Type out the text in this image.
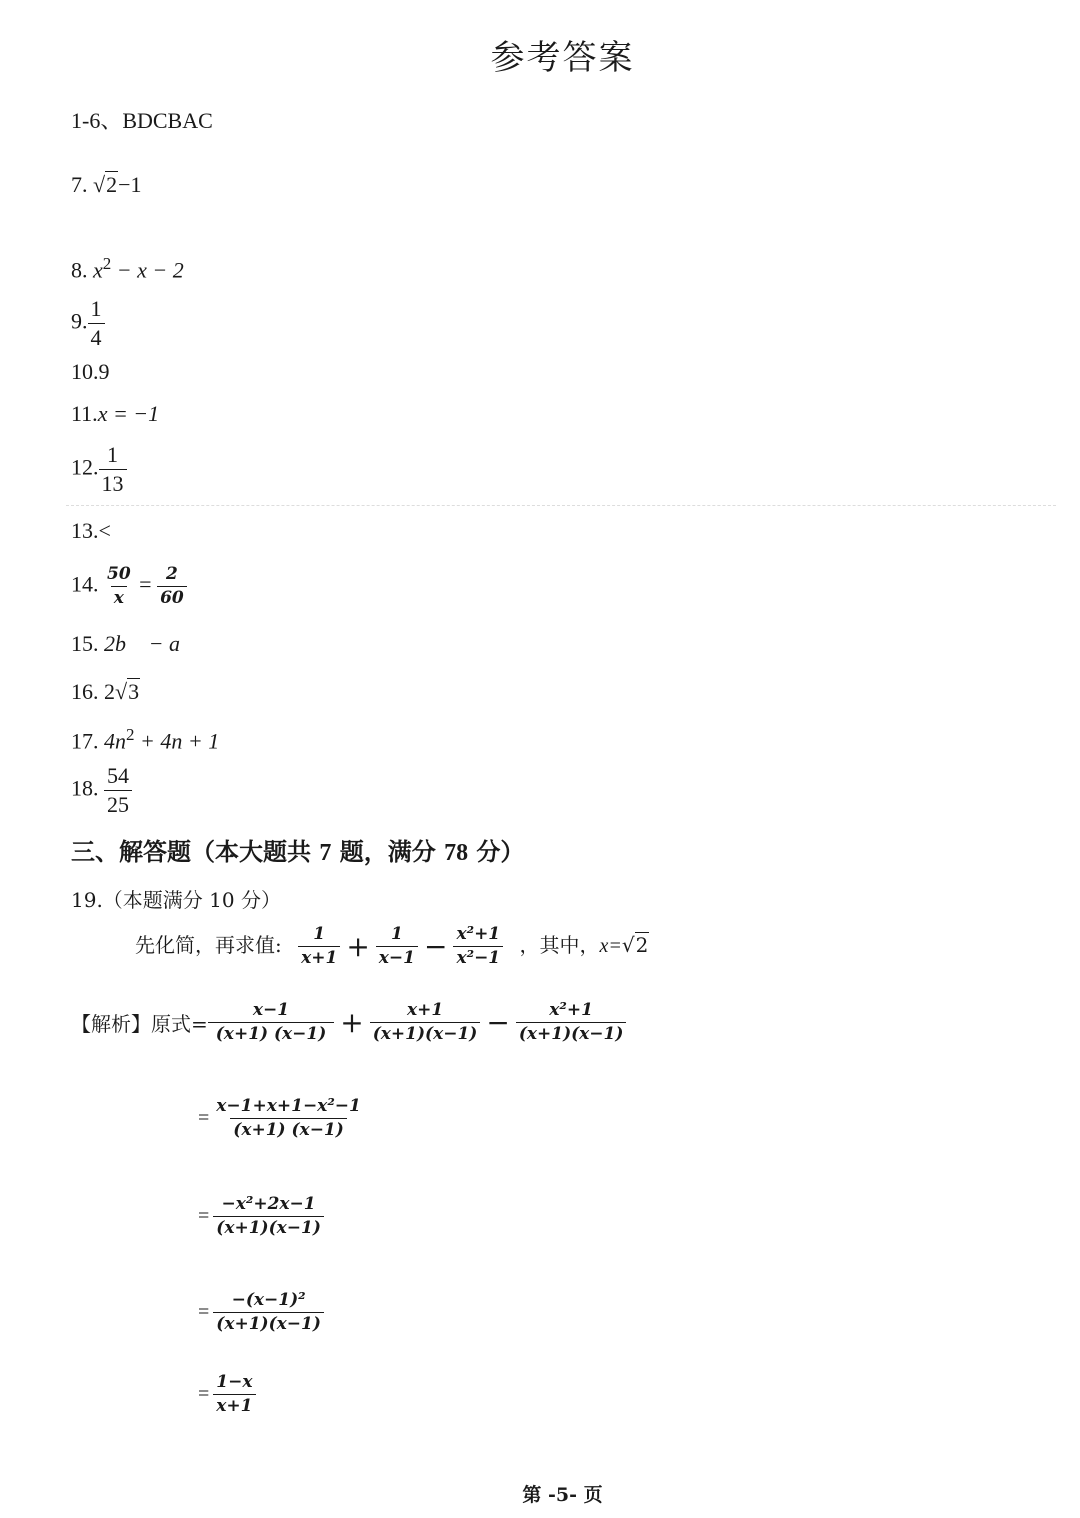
参考答案
1-6、BDCBAC
7. √2−1
8. $x^2 - x - 2$
9. $\frac{1}{4}$
10.9
11.x = −1
12. $\frac{1}{13}$
13.<
14. $\frac{50}{x} = \frac{2}{60}$
15. 2b⃗ − a⃗
16. 2√3
17. $4n^2 + 4n + 1$
18. $\frac{54}{25}$
三、解答题（本大题共 7 题，满分 78 分）
19.（本题满分 10 分）
先化简，再求值: $\frac{1}{x+1} + \frac{1}{x-1} - \frac{\text{x²+1}}{\text{x²−1}}$ ，其中，x=√2
【解析】原式= $\frac{x-1}{(x+1) (x-1)} + \frac{x+1}{(x+1)(x-1)} - \frac{\text{x²+1}}{(x+1)(x-1)}$
= $\frac{\text{x−1+x+1−x²−1}}{(x+1) (x-1)}$
= $\frac{\text{−x²+2x−1}}{(x+1)(x-1)}$
= $\frac{\text{−(x−1)²}}{(x+1)(x-1)}$
= $\frac{1-x}{x+1}$
第 -5- 页
